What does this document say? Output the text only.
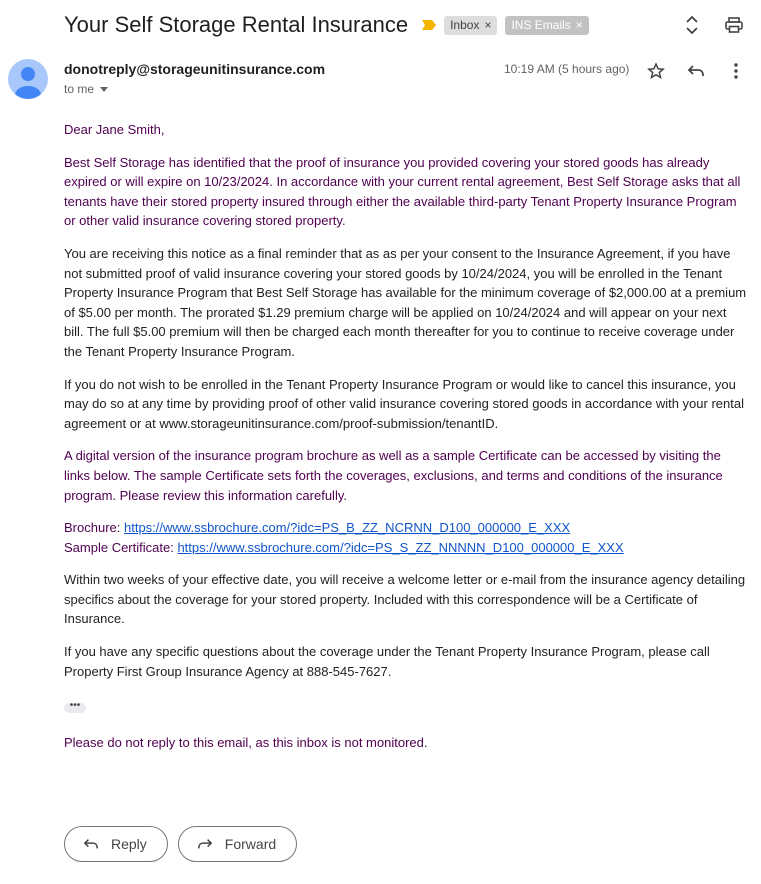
Your Self Storage Rental Insurance	Inbox × INS Emails ×
donotreply@storageunitinsurance.com
to me
10:19 AM (5 hours ago)

Dear Jane Smith,

Best Self Storage has identified that the proof of insurance you provided covering your stored goods has already expired or will expire on 10/23/2024. In accordance with your current rental agreement, Best Self Storage asks that all tenants have their stored property insured through either the available third-party Tenant Property Insurance Program or other valid insurance covering stored property.

You are receiving this notice as a final reminder that as as per your consent to the Insurance Agreement, if you have not submitted proof of valid insurance covering your stored goods by 10/24/2024, you will be enrolled in the Tenant Property Insurance Program that Best Self Storage has available for the minimum coverage of $2,000.00 at a premium of $5.00 per month. The prorated $1.29 premium charge will be applied on 10/24/2024 and will appear on your next bill. The full $5.00 premium will then be charged each month thereafter for you to continue to receive coverage under the Tenant Property Insurance Program.

If you do not wish to be enrolled in the Tenant Property Insurance Program or would like to cancel this insurance, you may do so at any time by providing proof of other valid insurance covering stored goods in accordance with your rental agreement or at www.storageunitinsurance.com/proof-submission/tenantID.

A digital version of the insurance program brochure as well as a sample Certificate can be accessed by visiting the links below. The sample Certificate sets forth the coverages, exclusions, and terms and conditions of the insurance program. Please review this information carefully.

Brochure: https://www.ssbrochure.com/?idc=PS_B_ZZ_NCRNN_D100_000000_E_XXX
Sample Certificate: https://www.ssbrochure.com/?idc=PS_S_ZZ_NNNNN_D100_000000_E_XXX

Within two weeks of your effective date, you will receive a welcome letter or e-mail from the insurance agency detailing specifics about the coverage for your stored property. Included with this correspondence will be a Certificate of Insurance.

If you have any specific questions about the coverage under the Tenant Property Insurance Program, please call Property First Group Insurance Agency at 888-545-7627.

•••

Please do not reply to this email, as this inbox is not monitored.

Reply	Forward
